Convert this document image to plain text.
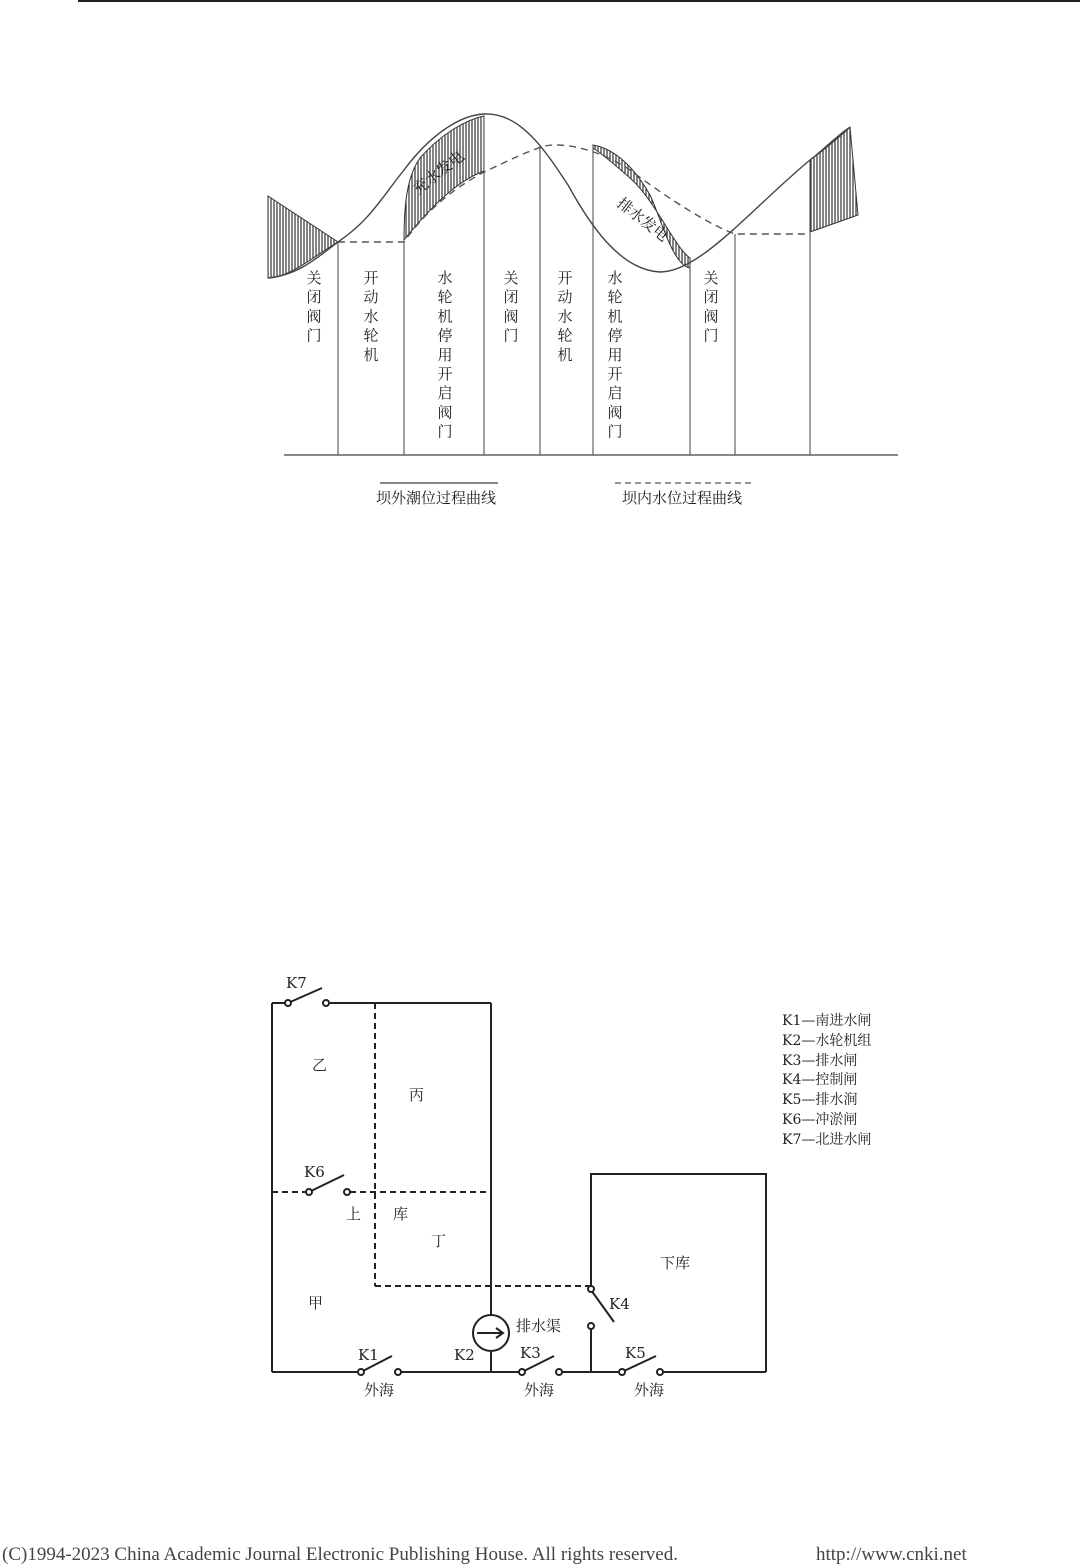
关闭阀门
开动水轮机
水轮机停用开启阀门
关闭阀门
开动水轮机
水轮机停用开启阀门
关闭阀门
充水发电
排水发电
坝外潮位过程曲线	坝内水位过程曲线
K7
乙
丙
K6
上 库
丁
下库
甲	K4
排水渠
K1	K2	K3	K5
外海	外海	外海
K1—南进水闸
K2—水轮机组
K3—排水闸
K4—控制闸
K5—排水涧
K6—冲淤闸
K7—北进水闸
(C)1994-2023 China Academic Journal Electronic Publishing House. All rights reserved.	http://www.cnki.net
